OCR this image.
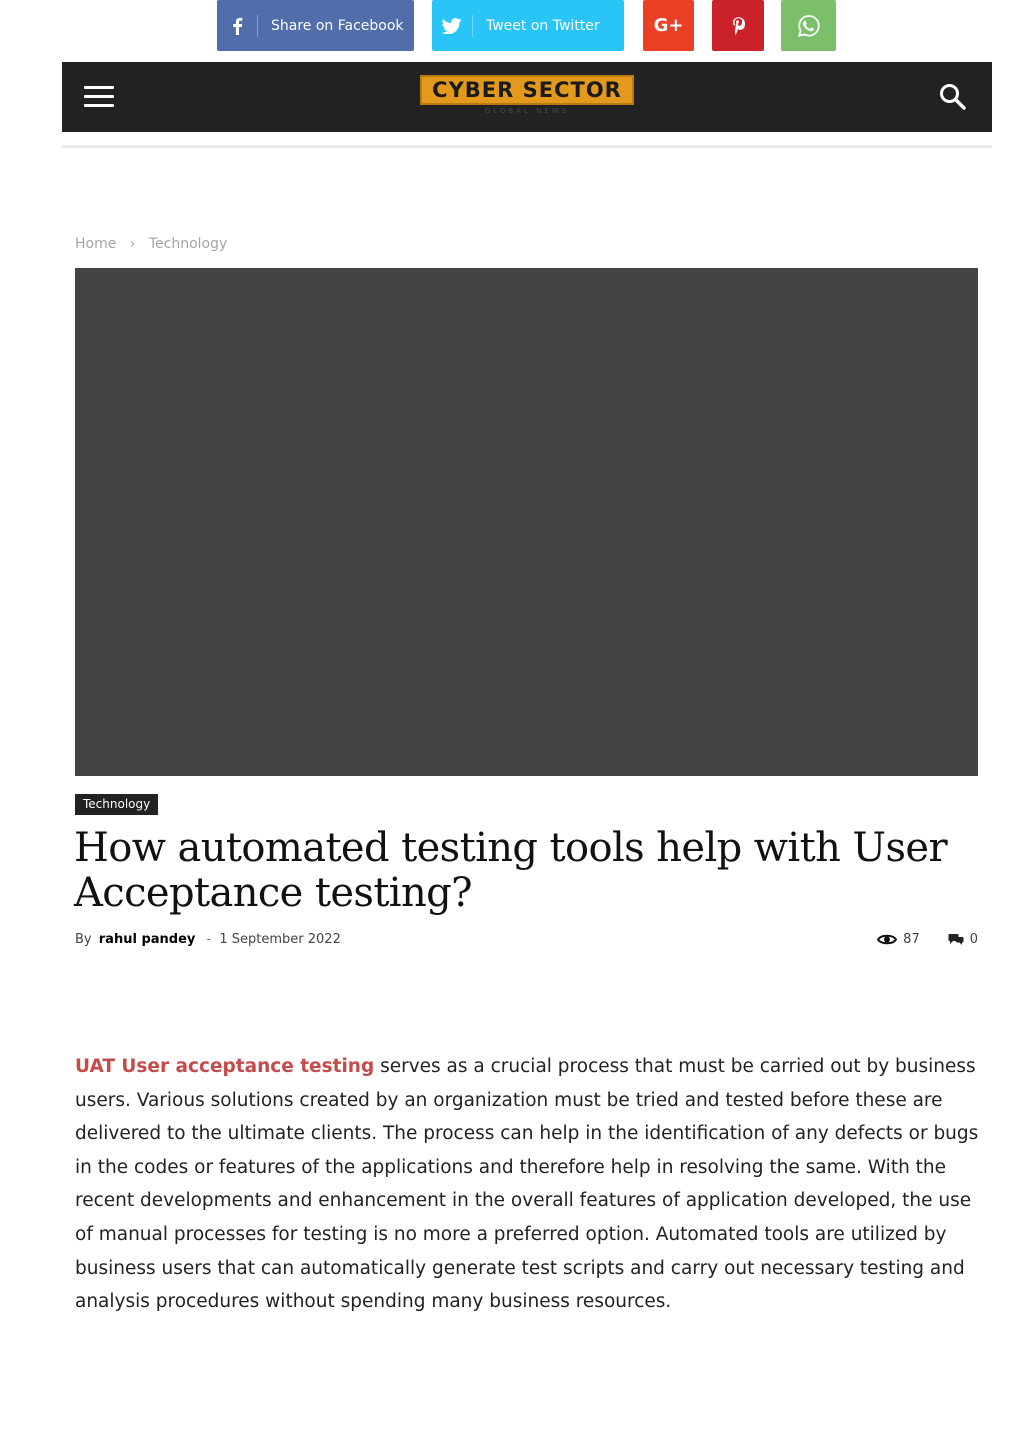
CYBER SECTOR
GLOBAL NEWS
Home › Technology
Technology
How automated testing tools help with User Acceptance testing?
By rahul pandey - 1 September 2022	87	0
Share on Facebook	Tweet on Twitter	G+

UAT User acceptance testing serves as a crucial process that must be carried out by business users. Various solutions created by an organization must be tried and tested before these are delivered to the ultimate clients. The process can help in the identification of any defects or bugs in the codes or features of the applications and therefore help in resolving the same. With the recent developments and enhancement in the overall features of application developed, the use of manual processes for testing is no more a preferred option. Automated tools are utilized by business users that can automatically generate test scripts and carry out necessary testing and analysis procedures without spending many business resources.
